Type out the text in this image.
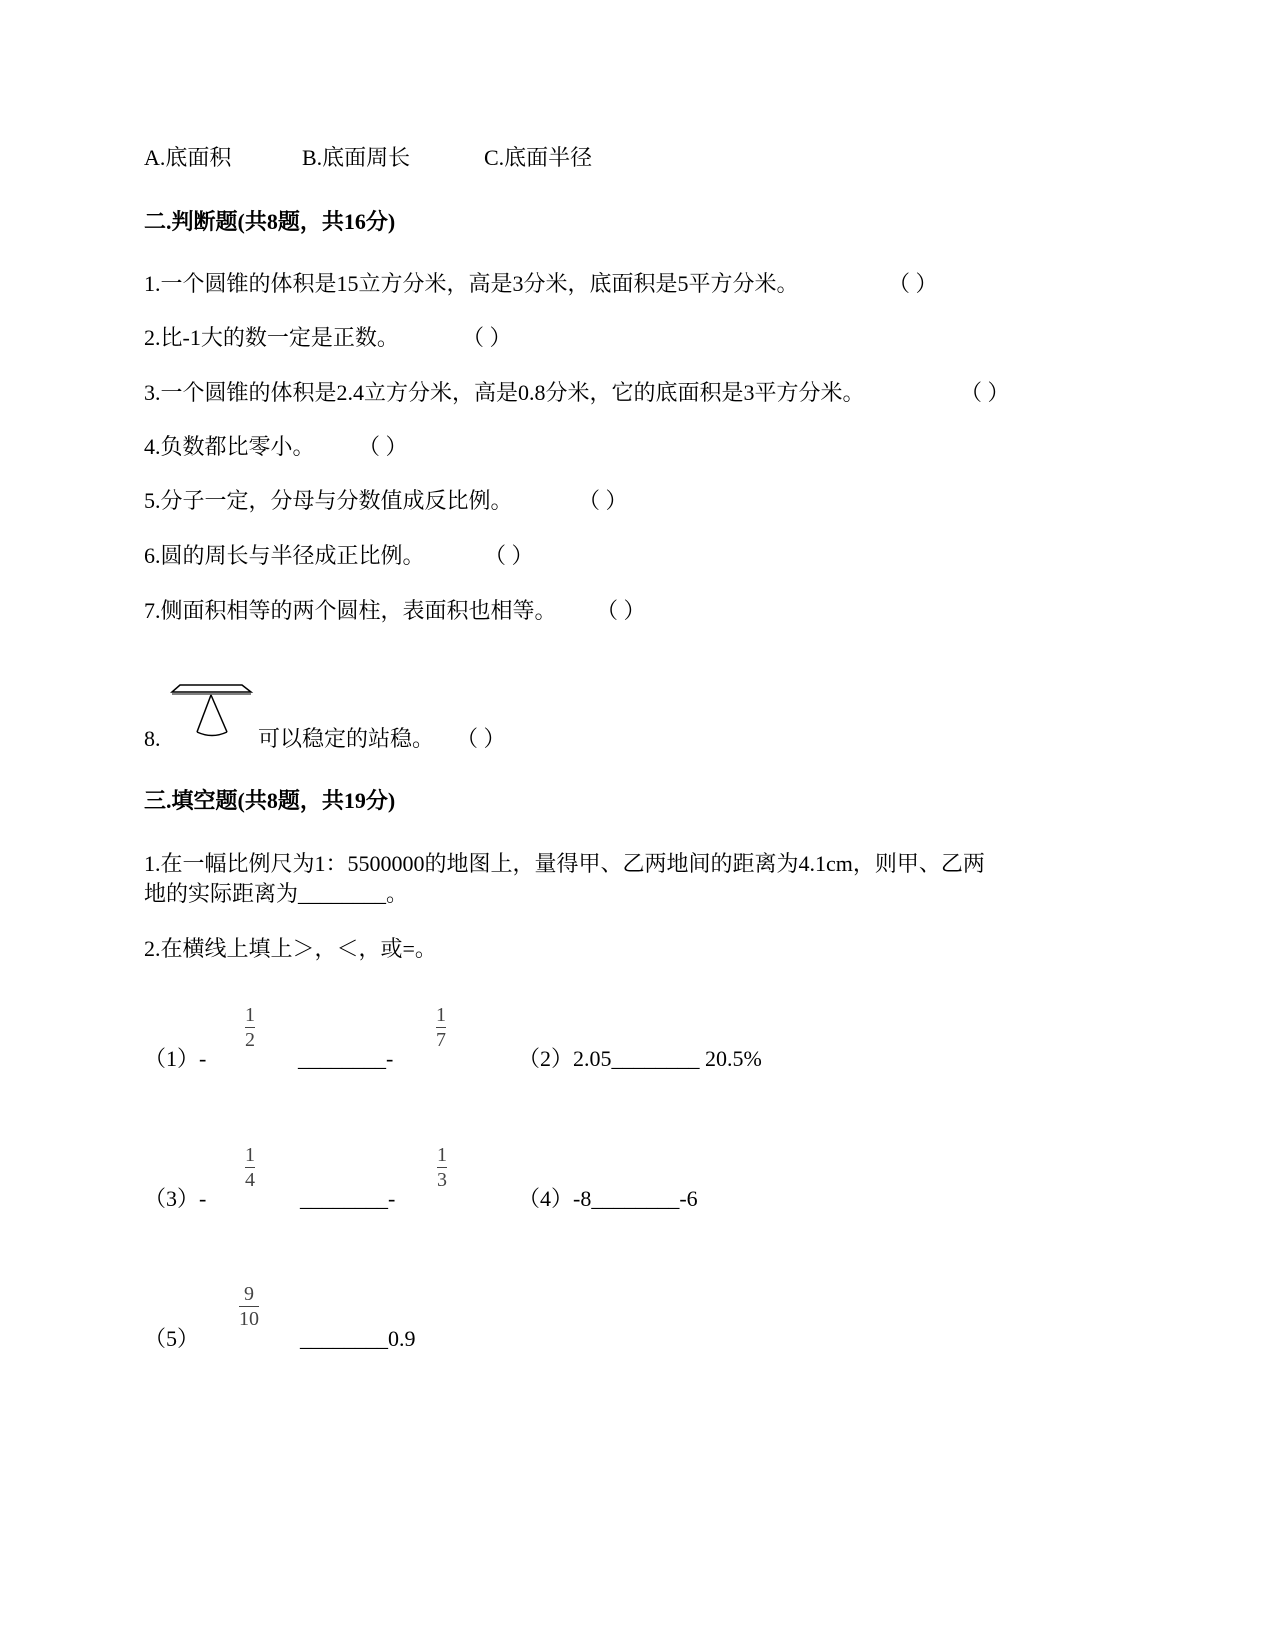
A.底面积	B.底面周长	C.底面半径
二.判断题(共8题，共16分)
1.一个圆锥的体积是15立方分米，高是3分米，底面积是5平方分米。	（ ）
2.比-1大的数一定是正数。	（ ）
3.一个圆锥的体积是2.4立方分米，高是0.8分米，它的底面积是3平方分米。	（ ）
4.负数都比零小。 （ ）
5.分子一定，分母与分数值成反比例。	（ ）
6.圆的周长与半径成正比例。	（ ）
7.侧面积相等的两个圆柱，表面积也相等。 （ ）
8.	可以稳定的站稳。 （ ）
三.填空题(共8题，共19分)
1.在一幅比例尺为1：5500000的地图上，量得甲、乙两地间的距离为4.1cm，则甲、乙两
地的实际距离为________。
2.在横线上填上＞，＜，或=。
（1）-
1
2
________-
1
7
（2）2.05________ 20.5%
（3）-
1
4
________-
1
3
（4）-8________-6
（5）
9
10
________0.9
